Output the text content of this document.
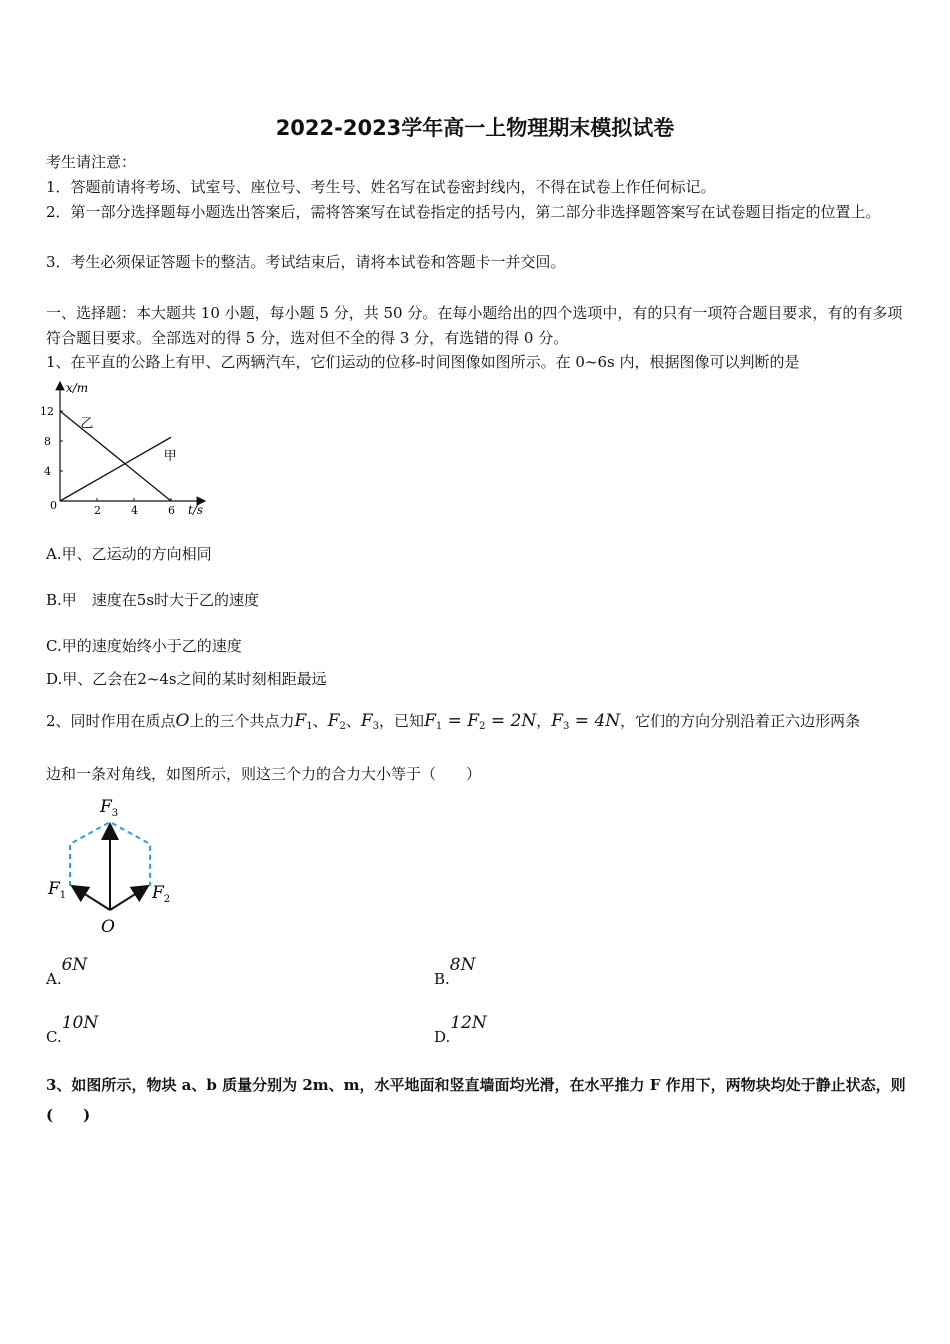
2022-2023学年高一上物理期末模拟试卷
考生请注意：
1．答题前请将考场、试室号、座位号、考生号、姓名写在试卷密封线内，不得在试卷上作任何标记。
2．第一部分选择题每小题选出答案后，需将答案写在试卷指定的括号内，第二部分非选择题答案写在试卷题目指定的位置上。
3．考生必须保证答题卡的整洁。考试结束后，请将本试卷和答题卡一并交回。
一、选择题：本大题共 10 小题，每小题 5 分，共 50 分。在每小题给出的四个选项中，有的只有一项符合题目要求，有的有多项符合题目要求。全部选对的得 5 分，选对但不全的得 3 分，有选错的得 0 分。
1、在平直的公路上有甲、乙两辆汽车，它们运动的位移-时间图像如图所示。在 0~6s 内，根据图像可以判断的是
2	4	6
4
8
12
甲
乙
x/m
t/s
0
A.甲、乙运动的方向相同
B.甲　速度在5s时大于乙的速度
C.甲的速度始终小于乙的速度
D.甲、乙会在2~4s之间的某时刻相距最远
2、同时作用在质点O上的三个共点力$F_1$、$F_2$、$F_3$，已知$F_1 = F_2 = 2N$，$F_3 = 4N$，它们的方向分别沿着正六边形两条
边和一条对角线，如图所示，则这三个力的合力大小等于（　　）
$F_3$
$F_1$	$F_2$
O
A.6N
B.8N
C.10N
D.12N
3、如图所示，物块 a、b 质量分别为 2m、m，水平地面和竖直墙面均光滑，在水平推力 F 作用下，两物块均处于静止状态，则(　　)
